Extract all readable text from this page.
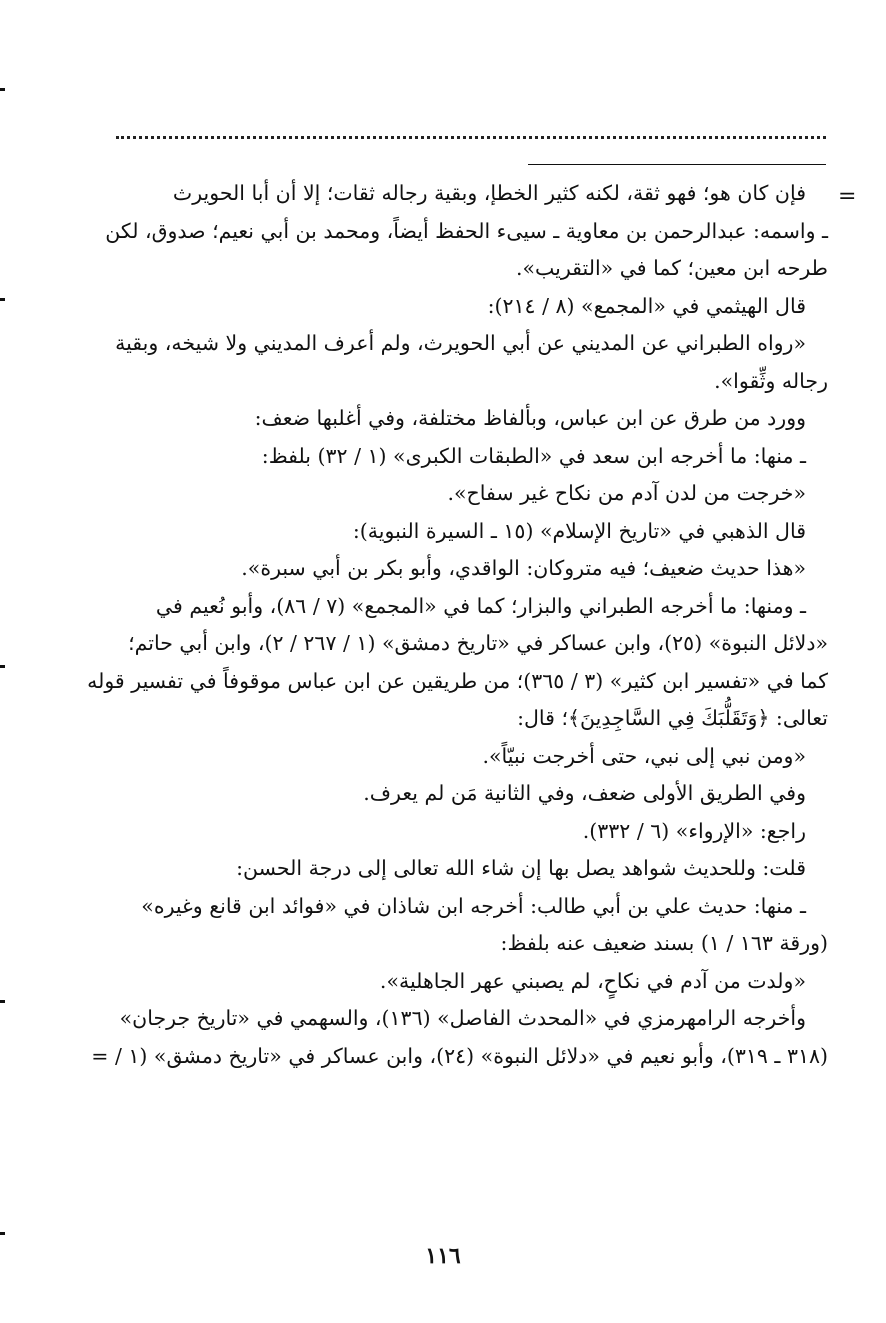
=
فإن كان هو؛ فهو ثقة، لكنه كثير الخطإ، وبقية رجاله ثقات؛ إلا أن أبا الحويرث
ـ واسمه: عبدالرحمن بن معاوية ـ سيىء الحفظ أيضاً، ومحمد بن أبي نعيم؛ صدوق، لكن
طرحه ابن معين؛ كما في «التقريب».
قال الهيثمي في «المجمع» (٨ / ٢١٤):
«رواه الطبراني عن المديني عن أبي الحويرث، ولم أعرف المديني ولا شيخه، وبقية
رجاله وثِّقوا».
وورد من طرق عن ابن عباس، وبألفاظ مختلفة، وفي أغلبها ضعف:
ـ منها: ما أخرجه ابن سعد في «الطبقات الكبرى» (١ / ٣٢) بلفظ:
«خرجت من لدن آدم من نكاح غير سفاح».
قال الذهبي في «تاريخ الإسلام» (١٥ ـ السيرة النبوية):
«هذا حديث ضعيف؛ فيه متروكان: الواقدي، وأبو بكر بن أبي سبرة».
ـ ومنها: ما أخرجه الطبراني والبزار؛ كما في «المجمع» (٧ / ٨٦)، وأبو نُعيم في
«دلائل النبوة» (٢٥)، وابن عساكر في «تاريخ دمشق» (١ / ٢٦٧ / ٢)، وابن أبي حاتم؛
كما في «تفسير ابن كثير» (٣ / ٣٦٥)؛ من طريقين عن ابن عباس موقوفاً في تفسير قوله
تعالى: ﴿وَتَقَلُّبَكَ فِي السَّاجِدِينَ﴾؛ قال:
«ومن نبي إلى نبي، حتى أخرجت نبيّاً».
وفي الطريق الأولى ضعف، وفي الثانية مَن لم يعرف.
راجع: «الإرواء» (٦ / ٣٣٢).
قلت: وللحديث شواهد يصل بها إن شاء الله تعالى إلى درجة الحسن:
ـ منها: حديث علي بن أبي طالب: أخرجه ابن شاذان في «فوائد ابن قانع وغيره»
(ورقة ١٦٣ / ١) بسند ضعيف عنه بلفظ:
«ولدت من آدم في نكاحٍ، لم يصبني عهر الجاهلية».
وأخرجه الرامهرمزي في «المحدث الفاصل» (١٣٦)، والسهمي في «تاريخ جرجان»
(٣١٨ ـ ٣١٩)، وأبو نعيم في «دلائل النبوة» (٢٤)، وابن عساكر في «تاريخ دمشق» (١ / =
١١٦
